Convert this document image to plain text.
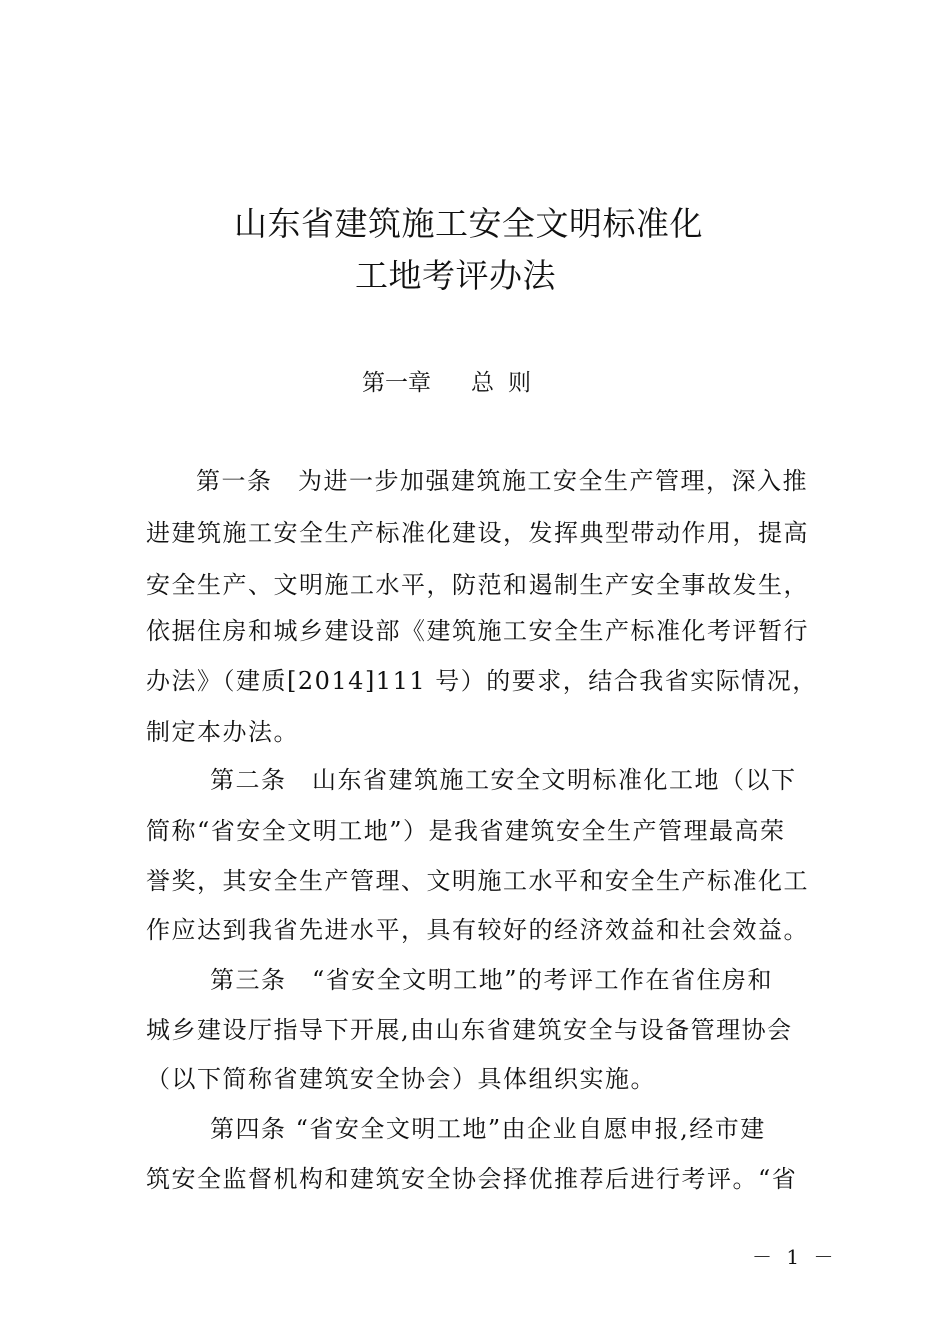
山东省建筑施工安全文明标准化
工地考评办法
第一章 总 则
第一条　为进一步加强建筑施工安全生产管理，深入推
进建筑施工安全生产标准化建设，发挥典型带动作用，提高
安全生产、文明施工水平，防范和遏制生产安全事故发生，
依据住房和城乡建设部《建筑施工安全生产标准化考评暂行
办法》（建质[2014]111 号）的要求，结合我省实际情况，
制定本办法。
第二条　山东省建筑施工安全文明标准化工地（以下
简称“省安全文明工地”）是我省建筑安全生产管理最高荣
誉奖，其安全生产管理、文明施工水平和安全生产标准化工
作应达到我省先进水平，具有较好的经济效益和社会效益。
第三条　“省安全文明工地”的考评工作在省住房和
城乡建设厅指导下开展,由山东省建筑安全与设备管理协会
（以下简称省建筑安全协会）具体组织实施。
第四条 “省安全文明工地”由企业自愿申报,经市建
筑安全监督机构和建筑安全协会择优推荐后进行考评。“省
－ 1 －
